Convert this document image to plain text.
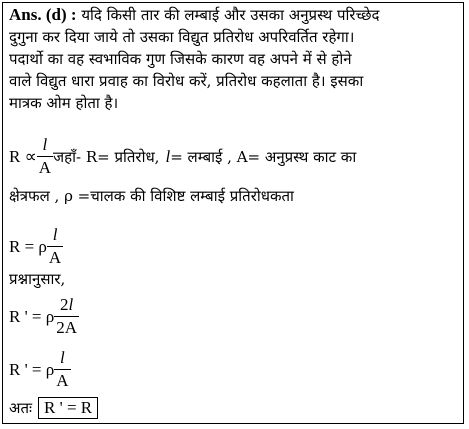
Ans. (d) : यदि किसी तार की लम्बाई और उसका अनुप्रस्थ परिच्छेद
दुगुना कर दिया जाये तो उसका विद्युत प्रतिरोध अपरिवर्तित रहेगा।
पदार्थो का वह स्वभाविक गुण जिसके कारण वह अपने में से होने
वाले विद्युत धारा प्रवाह का विरोध करें, प्रतिरोध कहलाता है। इसका
मात्रक ओम होता है।
$R \propto \frac{l}{A}$ जहाँ- R= प्रतिरोध, l = लम्बाई , A= अनुप्रस्थ काट का
क्षेत्रफल , ρ =चालक की विशिष्ट लम्बाई प्रतिरोधकता
R = ρ $\frac{l}{A}$
प्रश्नानुसार,
R ' = ρ $\frac{2l}{2A}$
R ' = ρ $\frac{l}{A}$
अतः R ' = R
